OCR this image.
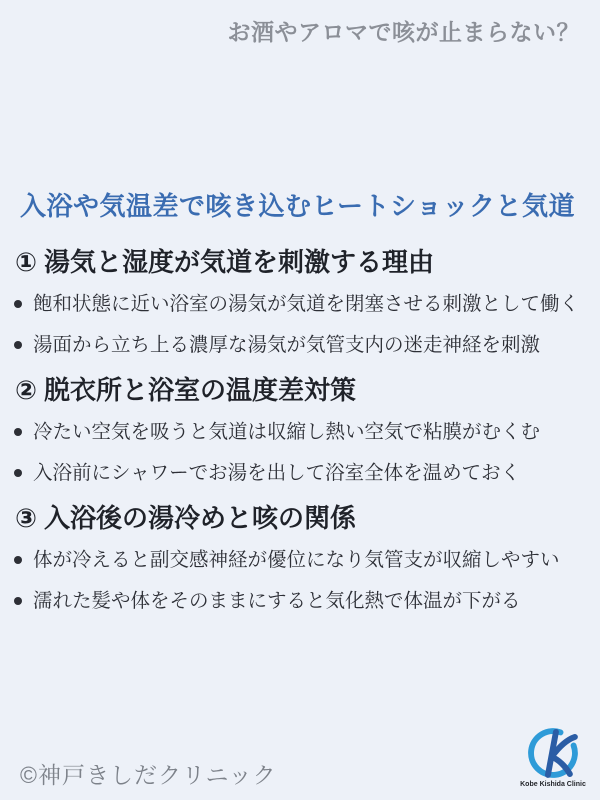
お酒やアロマで咳が止まらない？
入浴や気温差で咳き込むヒートショックと気道
① 湯気と湿度が気道を刺激する理由
飽和状態に近い浴室の湯気が気道を閉塞させる刺激として働く
湯面から立ち上る濃厚な湯気が気管支内の迷走神経を刺激
② 脱衣所と浴室の温度差対策
冷たい空気を吸うと気道は収縮し熱い空気で粘膜がむくむ
入浴前にシャワーでお湯を出して浴室全体を温めておく
③ 入浴後の湯冷めと咳の関係
体が冷えると副交感神経が優位になり気管支が収縮しやすい
濡れた髪や体をそのままにすると気化熱で体温が下がる
©神戸きしだクリニック	Kobe Kishida Clinic
